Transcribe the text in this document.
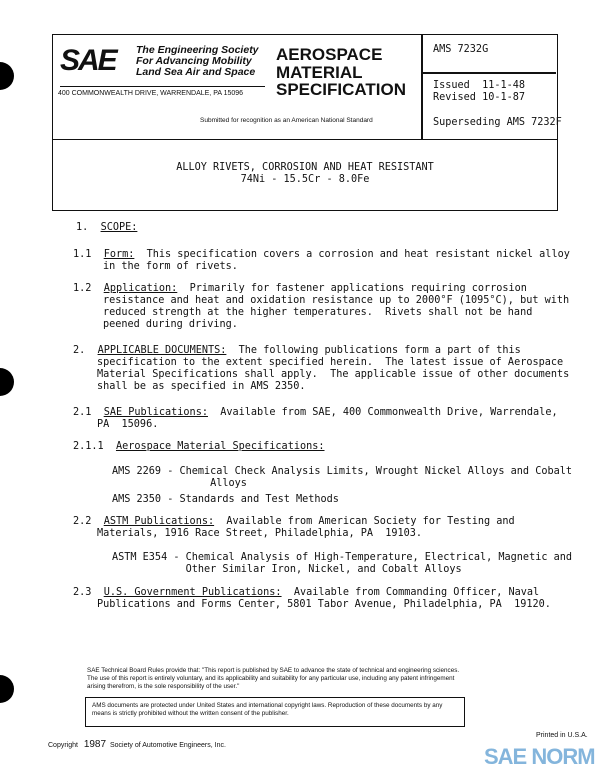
SAE The Engineering Society
For Advancing Mobility
Land Sea Air and Space
400 COMMONWEALTH DRIVE, WARRENDALE, PA 15096
AEROSPACE
MATERIAL
SPECIFICATION
Submitted for recognition as an American National Standard
AMS 7232G
Issued  11-1-48
Revised 10-1-87
Superseding AMS 7232F
ALLOY RIVETS, CORROSION AND HEAT RESISTANT
74Ni - 15.5Cr - 8.0Fe
1. SCOPE:
1.1 Form: This specification covers a corrosion and heat resistant nickel alloy
in the form of rivets.
1.2 Application: Primarily for fastener applications requiring corrosion
resistance and heat and oxidation resistance up to 2000°F (1095°C), but with
reduced strength at the higher temperatures.  Rivets shall not be hand
peened during driving.
2. APPLICABLE DOCUMENTS: The following publications form a part of this
specification to the extent specified herein.  The latest issue of Aerospace
Material Specifications shall apply.  The applicable issue of other documents
shall be as specified in AMS 2350.
2.1 SAE Publications: Available from SAE, 400 Commonwealth Drive, Warrendale,
PA  15096.
2.1.1 Aerospace Material Specifications:
AMS 2269 - Chemical Check Analysis Limits, Wrought Nickel Alloys and Cobalt
Alloys
AMS 2350 - Standards and Test Methods
2.2 ASTM Publications: Available from American Society for Testing and
Materials, 1916 Race Street, Philadelphia, PA  19103.
ASTM E354 - Chemical Analysis of High-Temperature, Electrical, Magnetic and
Other Similar Iron, Nickel, and Cobalt Alloys
2.3 U.S. Government Publications: Available from Commanding Officer, Naval
Publications and Forms Center, 5801 Tabor Avenue, Philadelphia, PA  19120.
SAE Technical Board Rules provide that: "This report is published by SAE to advance the state of technical and engineering sciences.
The use of this report is entirely voluntary, and its applicability and suitability for any particular use, including any patent infringement
arising therefrom, is the sole responsibility of the user."
AMS documents are protected under United States and international copyright laws. Reproduction of these documents by any
means is strictly prohibited without the written consent of the publisher.
Copyright 1987 Society of Automotive Engineers, Inc.
Printed in U.S.A.
SAE NORM
